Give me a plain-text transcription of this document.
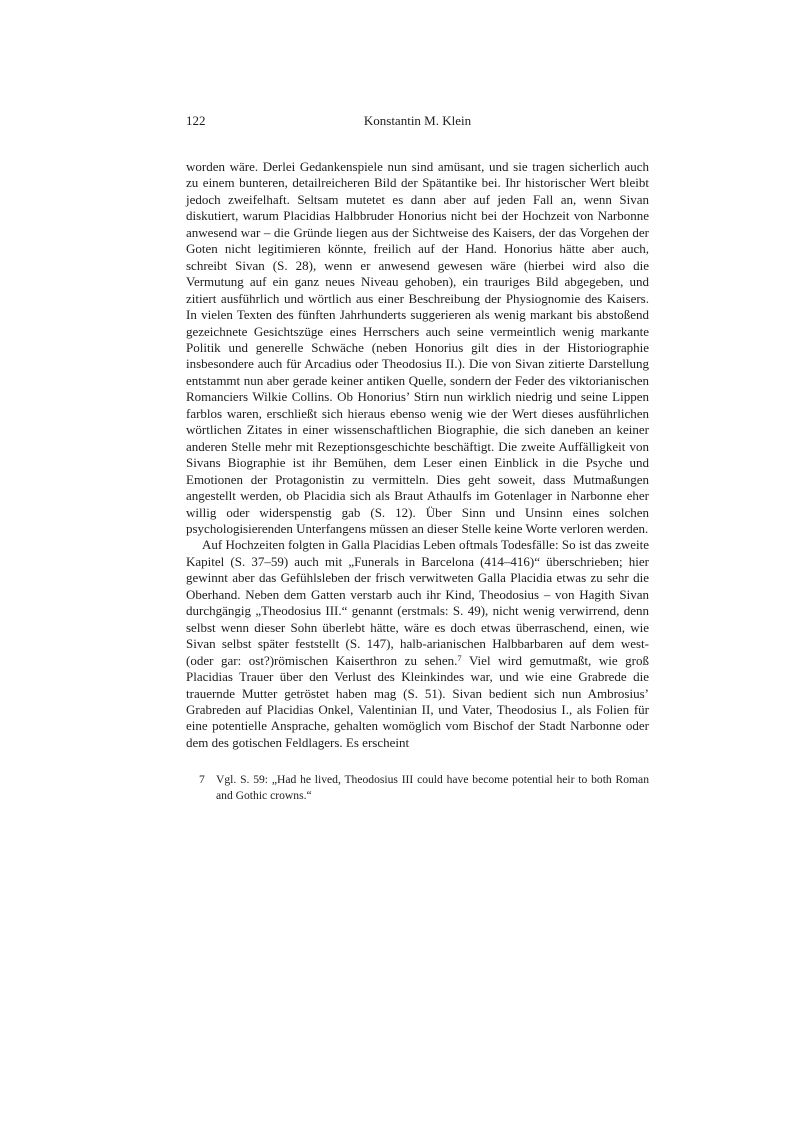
122	Konstantin M. Klein

worden wäre. Derlei Gedankenspiele nun sind amüsant, und sie tragen sicherlich auch zu einem bunteren, detailreicheren Bild der Spätantike bei. Ihr historischer Wert bleibt jedoch zweifelhaft. Seltsam mutetet es dann aber auf jeden Fall an, wenn Sivan diskutiert, warum Placidias Halbbruder Honorius nicht bei der Hochzeit von Narbonne anwesend war – die Gründe liegen aus der Sichtweise des Kaisers, der das Vorgehen der Goten nicht legitimieren könnte, freilich auf der Hand. Honorius hätte aber auch, schreibt Sivan (S. 28), wenn er anwesend gewesen wäre (hierbei wird also die Vermutung auf ein ganz neues Niveau gehoben), ein trauriges Bild abgegeben, und zitiert ausführlich und wörtlich aus einer Beschreibung der Physiognomie des Kaisers. In vielen Texten des fünften Jahrhunderts suggerieren als wenig markant bis abstoßend gezeichnete Gesichtszüge eines Herrschers auch seine vermeintlich wenig markante Politik und generelle Schwäche (neben Honorius gilt dies in der Historiographie insbesondere auch für Arcadius oder Theodosius II.). Die von Sivan zitierte Darstellung entstammt nun aber gerade keiner antiken Quelle, sondern der Feder des viktorianischen Romanciers Wilkie Collins. Ob Honorius’ Stirn nun wirklich niedrig und seine Lippen farblos waren, erschließt sich hieraus ebenso wenig wie der Wert dieses ausführlichen wörtlichen Zitates in einer wissenschaftlichen Biographie, die sich daneben an keiner anderen Stelle mehr mit Rezeptionsgeschichte beschäftigt. Die zweite Auffälligkeit von Sivans Biographie ist ihr Bemühen, dem Leser einen Einblick in die Psyche und Emotionen der Protagonistin zu vermitteln. Dies geht soweit, dass Mutmaßungen angestellt werden, ob Placidia sich als Braut Athaulfs im Gotenlager in Narbonne eher willig oder widerspenstig gab (S. 12). Über Sinn und Unsinn eines solchen psychologisierenden Unterfangens müssen an dieser Stelle keine Worte verloren werden.

Auf Hochzeiten folgten in Galla Placidias Leben oftmals Todesfälle: So ist das zweite Kapitel (S. 37–59) auch mit „Funerals in Barcelona (414–416)“ überschrieben; hier gewinnt aber das Gefühlsleben der frisch verwitweten Galla Placidia etwas zu sehr die Oberhand. Neben dem Gatten verstarb auch ihr Kind, Theodosius – von Hagith Sivan durchgängig „Theodosius III.“ genannt (erstmals: S. 49), nicht wenig verwirrend, denn selbst wenn dieser Sohn überlebt hätte, wäre es doch etwas überraschend, einen, wie Sivan selbst später feststellt (S. 147), halb-arianischen Halbbarbaren auf dem west- (oder gar: ost?)römischen Kaiserthron zu sehen.$^7$ Viel wird gemutmaßt, wie groß Placidias Trauer über den Verlust des Kleinkindes war, und wie eine Grabrede die trauernde Mutter getröstet haben mag (S. 51). Sivan bedient sich nun Ambrosius’ Grabreden auf Placidias Onkel, Valentinian II, und Vater, Theodosius I., als Folien für eine potentielle Ansprache, gehalten womöglich vom Bischof der Stadt Narbonne oder dem des gotischen Feldlagers. Es erscheint

7 Vgl. S. 59: „Had he lived, Theodosius III could have become potential heir to both Roman and Gothic crowns.“
